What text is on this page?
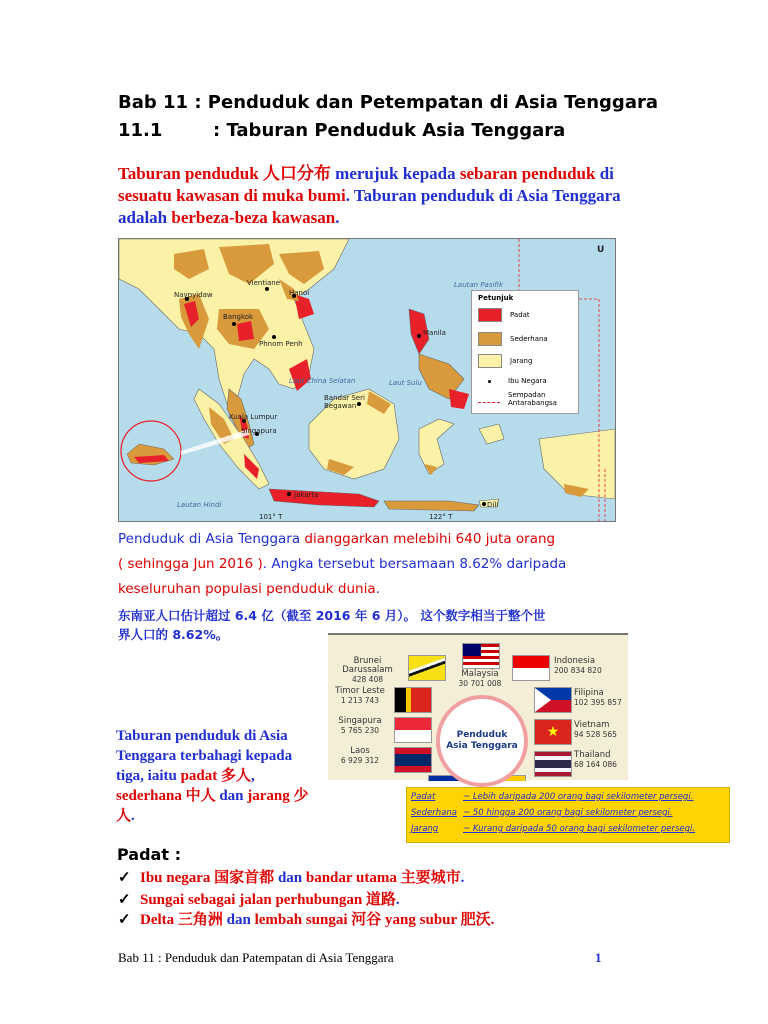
Bab 11 : Penduduk dan Petempatan di Asia Tenggara
11.1	: Taburan Penduduk Asia Tenggara
Taburan penduduk 人口分布 merujuk kepada sebaran penduduk di sesuatu kawasan di muka bumi. Taburan penduduk di Asia Tenggara adalah berbeza-beza kawasan.
Naypyidaw
Vientiane
Hanoi
Bangkok
Phnom Penh
Manila
Kuala Lumpur
Singapura
Bandar Seri Begawan
Jakarta
Dili
Laut China Selatan	Laut Sulu
Lautan Pasifik
Lautan Hindi
101° T	122° T
U
Petunjuk
Padat
Sederhana
Jarang
Ibu Negara
Sempadan Antarabangsa
Penduduk di Asia Tenggara dianggarkan melebihi 640 juta orang
( sehingga Jun 2016 ). Angka tersebut bersamaan 8.62% daripada
keseluruhan populasi penduduk dunia.
东南亚人口估计超过 6.4 亿（截至 2016 年 6 月）。 这个数字相当于整个世
界人口的 8.62%。
Brunei Darussalam
428 408
Malaysia
30 701 008
Indonesia
200 834 820
Timor Leste
1 213 743
Filipina
102 395 857
Singapura
5 765 230	★	Vietnam
94 528 565
Laos
6 929 312
Thailand
68 164 086
Penduduk
Asia Tenggara
Padat	~ Lebih daripada 200 orang bagi sekilometer persegi.
Sederhana ~ 50 hingga 200 orang bagi sekilometer persegi.
Jarang	~ Kurang daripada 50 orang bagi sekilometer persegi.
Taburan penduduk di Asia Tenggara terbahagi kepada tiga, iaitu padat 多人, sederhana 中人 dan jarang 少人.
Padat :
✓ Ibu negara 国家首都 dan bandar utama 主要城市.
✓ Sungai sebagai jalan perhubungan 道路.
✓ Delta 三角洲 dan lembah sungai 河谷 yang subur 肥沃.
Bab 11 : Penduduk dan Patempatan di Asia Tenggara	1
